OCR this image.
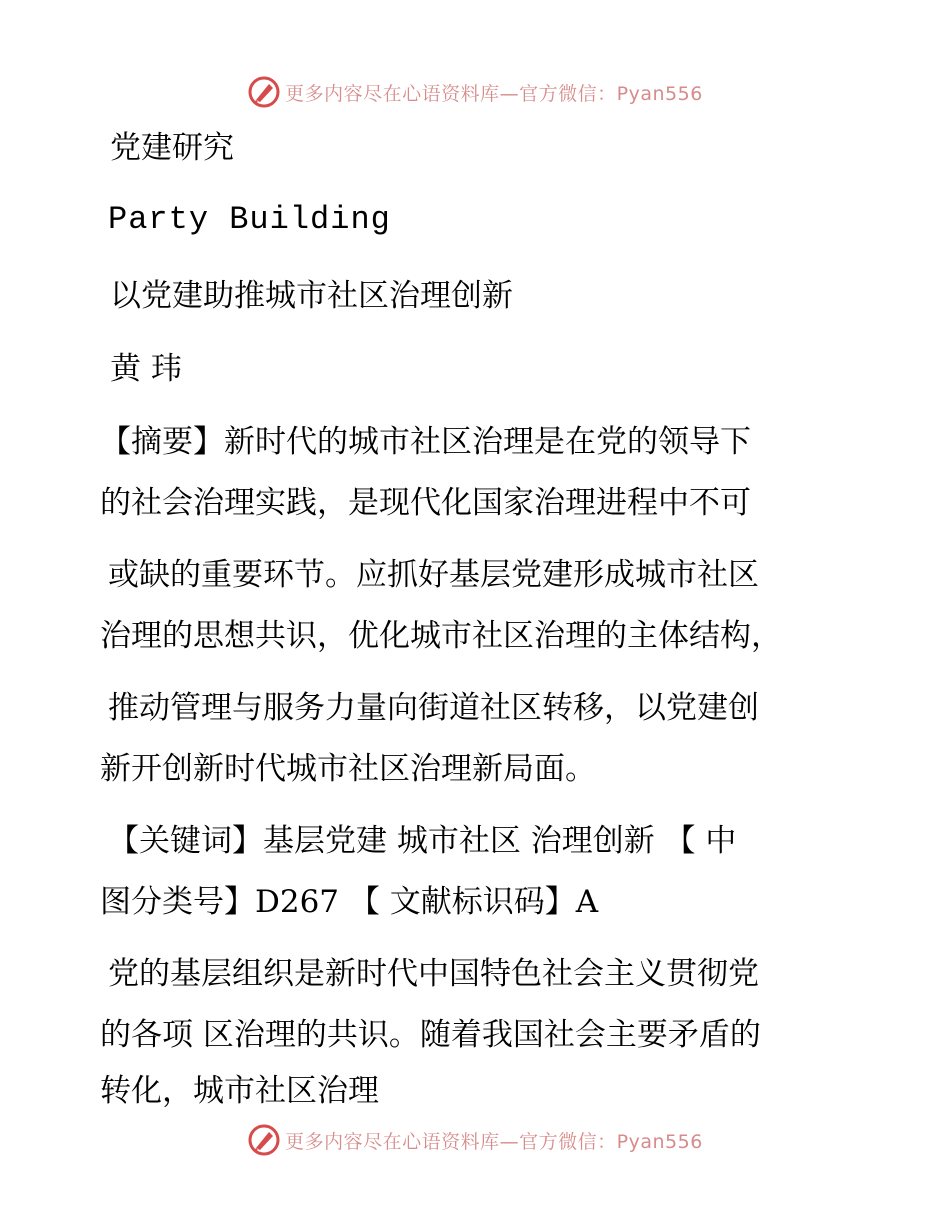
更多内容尽在心语资料库—官方微信：Pyan556

党建研究

Party Building

以党建助推城市社区治理创新

黄 玮

【摘要】新时代的城市社区治理是在党的领导下

的社会治理实践，是现代化国家治理进程中不可

或缺的重要环节。应抓好基层党建形成城市社区

治理的思想共识，优化城市社区治理的主体结构，

推动管理与服务力量向街道社区转移，以党建创

新开创新时代城市社区治理新局面。

【关键词】基层党建 城市社区 治理创新 【 中

图分类号】D267 【 文献标识码】A

党的基层组织是新时代中国特色社会主义贯彻党

的各项 区治理的共识。随着我国社会主要矛盾的

转化，城市社区治理

更多内容尽在心语资料库—官方微信：Pyan556
